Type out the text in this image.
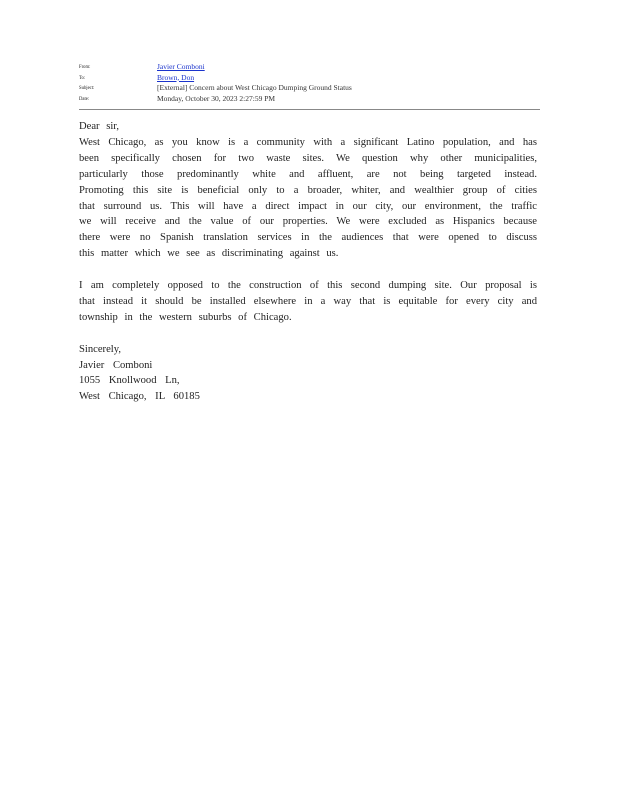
From:	Javier Comboni
To:	Brown, Don
Subject:	[External] Concern about West Chicago Dumping Ground Status
Date:	Monday, October 30, 2023 2:27:59 PM

Dear sir,

West Chicago, as you know is a community with a significant Latino population, and has

been specifically chosen for two waste sites. We question why other municipalities,

particularly those predominantly white and affluent, are not being targeted instead.

Promoting this site is beneficial only to a broader, whiter, and wealthier group of cities

that surround us. This will have a direct impact in our city, our environment, the traffic

we will receive and the value of our properties. We were excluded as Hispanics because

there were no Spanish translation services in the audiences that were opened to discuss

this matter which we see as discriminating against us.

I am completely opposed to the construction of this second dumping site. Our proposal is

that instead it should be installed elsewhere in a way that is equitable for every city and

township in the western suburbs of Chicago.

Sincerely,

Javier Comboni

1055 Knollwood Ln,

West Chicago, IL 60185
